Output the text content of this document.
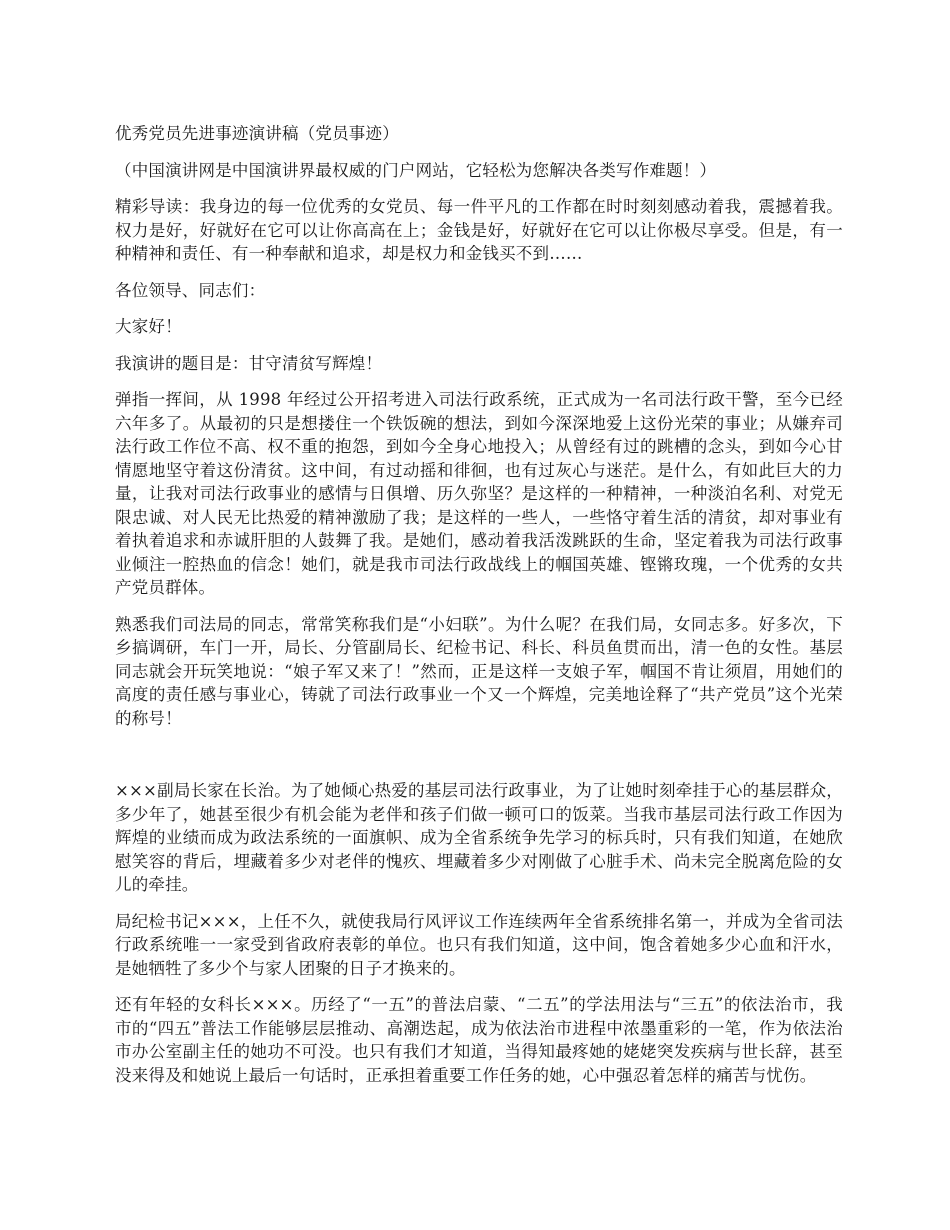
优秀党员先进事迹演讲稿（党员事迹）

（中国演讲网是中国演讲界最权威的门户网站，它轻松为您解决各类写作难题！）

精彩导读：我身边的每一位优秀的女党员、每一件平凡的工作都在时时刻刻感动着我，震撼着我。权力是好，好就好在它可以让你高高在上；金钱是好，好就好在它可以让你极尽享受。但是，有一种精神和责任、有一种奉献和追求，却是权力和金钱买不到……

各位领导、同志们：

大家好！

我演讲的题目是：甘守清贫写辉煌！

弹指一挥间，从 1998 年经过公开招考进入司法行政系统，正式成为一名司法行政干警，至今已经六年多了。从最初的只是想搂住一个铁饭碗的想法，到如今深深地爱上这份光荣的事业；从嫌弃司法行政工作位不高、权不重的抱怨，到如今全身心地投入；从曾经有过的跳槽的念头，到如今心甘情愿地坚守着这份清贫。这中间，有过动摇和徘徊，也有过灰心与迷茫。是什么，有如此巨大的力量，让我对司法行政事业的感情与日俱增、历久弥坚？是这样的一种精神，一种淡泊名利、对党无限忠诚、对人民无比热爱的精神激励了我；是这样的一些人，一些恪守着生活的清贫，却对事业有着执着追求和赤诚肝胆的人鼓舞了我。是她们，感动着我活泼跳跃的生命，坚定着我为司法行政事业倾注一腔热血的信念！她们，就是我市司法行政战线上的帼国英雄、铿锵玫瑰，一个优秀的女共产党员群体。

熟悉我们司法局的同志，常常笑称我们是“小妇联”。为什么呢？在我们局，女同志多。好多次，下乡搞调研，车门一开，局长、分管副局长、纪检书记、科长、科员鱼贯而出，清一色的女性。基层同志就会开玩笑地说：“娘子军又来了！”然而，正是这样一支娘子军，帼国不肯让须眉，用她们的高度的责任感与事业心，铸就了司法行政事业一个又一个辉煌，完美地诠释了“共产党员”这个光荣的称号！

×××副局长家在长治。为了她倾心热爱的基层司法行政事业，为了让她时刻牵挂于心的基层群众，多少年了，她甚至很少有机会能为老伴和孩子们做一顿可口的饭菜。当我市基层司法行政工作因为辉煌的业绩而成为政法系统的一面旗帜、成为全省系统争先学习的标兵时，只有我们知道，在她欣慰笑容的背后，埋藏着多少对老伴的愧疚、埋藏着多少对刚做了心脏手术、尚未完全脱离危险的女儿的牵挂。

局纪检书记×××，上任不久，就使我局行风评议工作连续两年全省系统排名第一，并成为全省司法行政系统唯一一家受到省政府表彰的单位。也只有我们知道，这中间，饱含着她多少心血和汗水，是她牺牲了多少个与家人团聚的日子才换来的。

还有年轻的女科长×××。历经了“一五”的普法启蒙、“二五”的学法用法与“三五”的依法治市，我市的“四五”普法工作能够层层推动、高潮迭起，成为依法治市进程中浓墨重彩的一笔，作为依法治市办公室副主任的她功不可没。也只有我们才知道，当得知最疼她的姥姥突发疾病与世长辞，甚至没来得及和她说上最后一句话时，正承担着重要工作任务的她，心中强忍着怎样的痛苦与忧伤。
